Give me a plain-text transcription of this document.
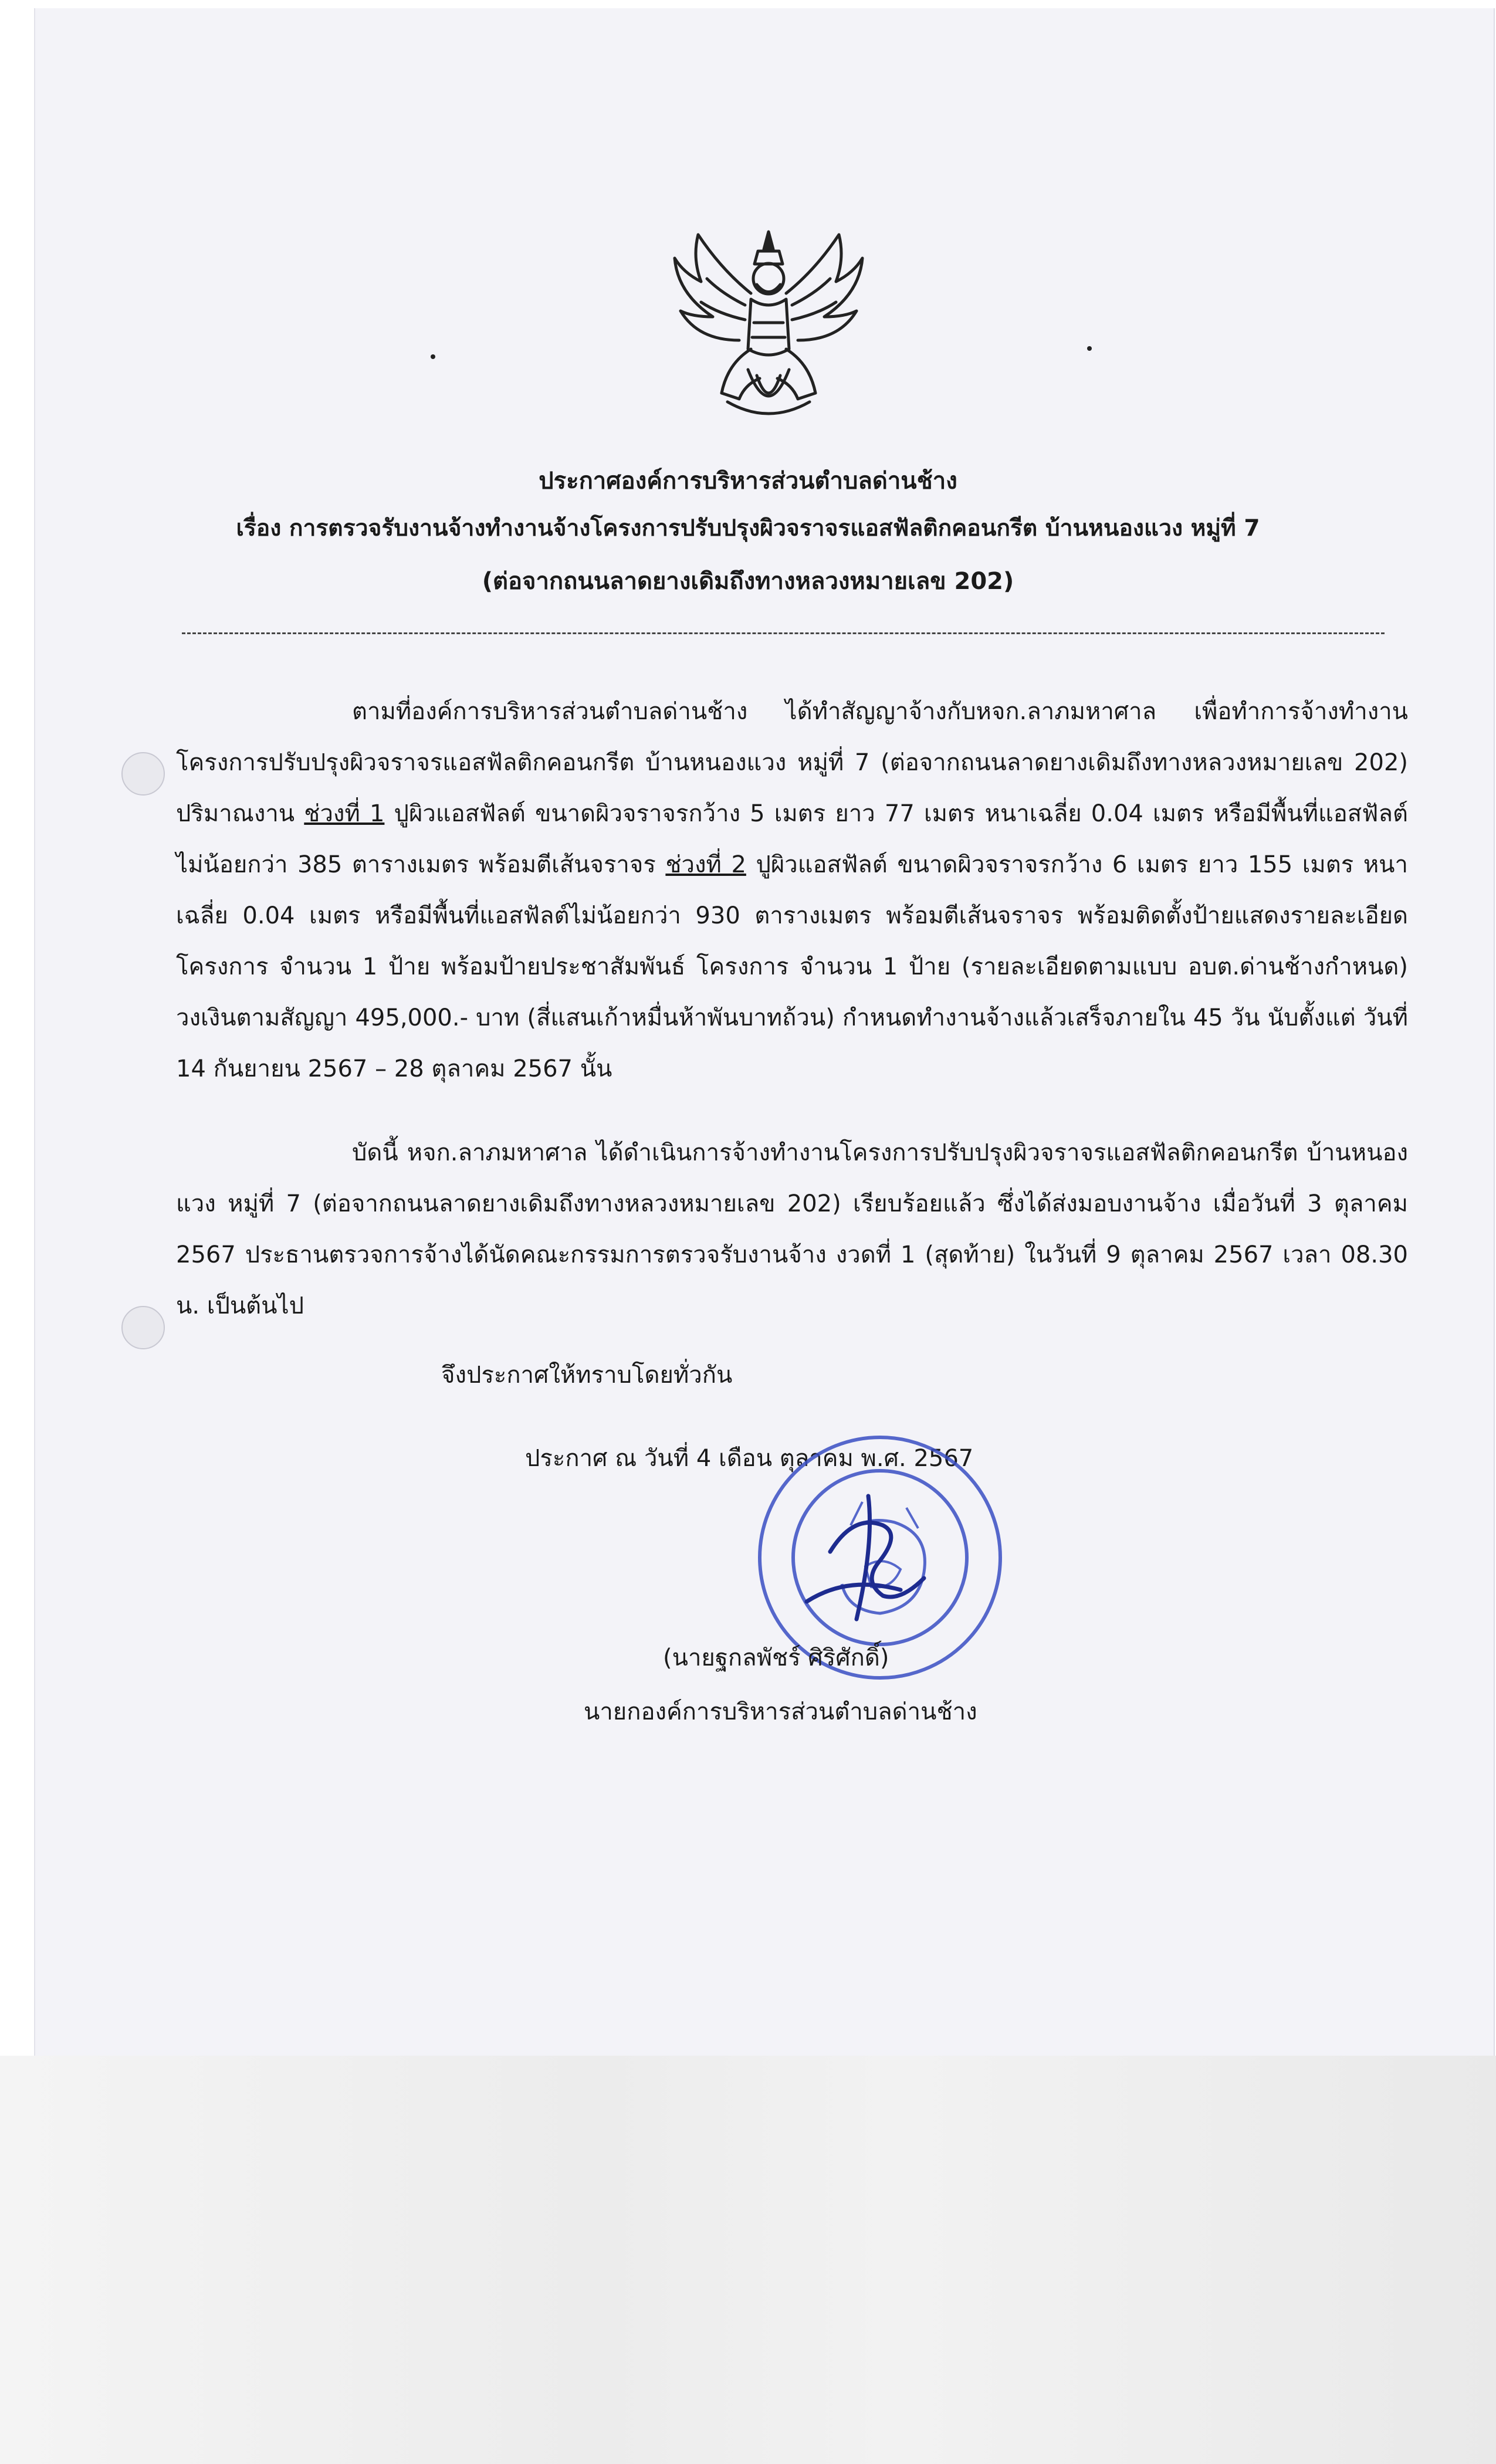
ประกาศองค์การบริหารส่วนตำบลด่านช้าง
เรื่อง การตรวจรับงานจ้างทำงานจ้างโครงการปรับปรุงผิวจราจรแอสฟัลติกคอนกรีต บ้านหนองแวง หมู่ที่ 7
(ต่อจากถนนลาดยางเดิมถึงทางหลวงหมายเลข 202)

ตามที่องค์การบริหารส่วนตำบลด่านช้าง ได้ทำสัญญาจ้างกับหจก.ลาภมหาศาล เพื่อทำการจ้างทำงาน โครงการปรับปรุงผิวจราจรแอสฟัลติกคอนกรีต บ้านหนองแวง หมู่ที่ 7 (ต่อจากถนนลาดยางเดิมถึงทางหลวงหมายเลข 202) ปริมาณงาน ช่วงที่ 1 ปูผิวแอสฟัลต์ ขนาดผิวจราจรกว้าง 5 เมตร ยาว 77 เมตร หนาเฉลี่ย 0.04 เมตร หรือมีพื้นที่แอสฟัลต์ไม่น้อยกว่า 385 ตารางเมตร พร้อมตีเส้นจราจร ช่วงที่ 2 ปูผิวแอสฟัลต์ ขนาดผิวจราจรกว้าง 6 เมตร ยาว 155 เมตร หนาเฉลี่ย 0.04 เมตร หรือมีพื้นที่แอสฟัลต์ไม่น้อยกว่า 930 ตารางเมตร พร้อมตีเส้นจราจร พร้อมติดตั้งป้ายแสดงรายละเอียดโครงการ จำนวน 1 ป้าย พร้อมป้ายประชาสัมพันธ์ โครงการ จำนวน 1 ป้าย (รายละเอียดตามแบบ อบต.ด่านช้างกำหนด) วงเงินตามสัญญา 495,000.- บาท (สี่แสนเก้าหมื่นห้าพันบาทถ้วน) กำหนดทำงานจ้างแล้วเสร็จภายใน 45 วัน นับตั้งแต่ วันที่ 14 กันยายน 2567 – 28 ตุลาคม 2567 นั้น

บัดนี้ หจก.ลาภมหาศาล ได้ดำเนินการจ้างทำงานโครงการปรับปรุงผิวจราจรแอสฟัลติกคอนกรีต บ้านหนองแวง หมู่ที่ 7 (ต่อจากถนนลาดยางเดิมถึงทางหลวงหมายเลข 202) เรียบร้อยแล้ว ซึ่งได้ส่งมอบงานจ้าง เมื่อวันที่ 3 ตุลาคม 2567 ประธานตรวจการจ้างได้นัดคณะกรรมการตรวจรับงานจ้าง งวดที่ 1 (สุดท้าย) ในวันที่ 9 ตุลาคม 2567 เวลา 08.30 น. เป็นต้นไป

จึงประกาศให้ทราบโดยทั่วกัน
ประกาศ ณ วันที่ 4 เดือน ตุลาคม พ.ศ. 2567
(นายฐกลพัชร์ ศิริศักดิ์)
นายกองค์การบริหารส่วนตำบลด่านช้าง
